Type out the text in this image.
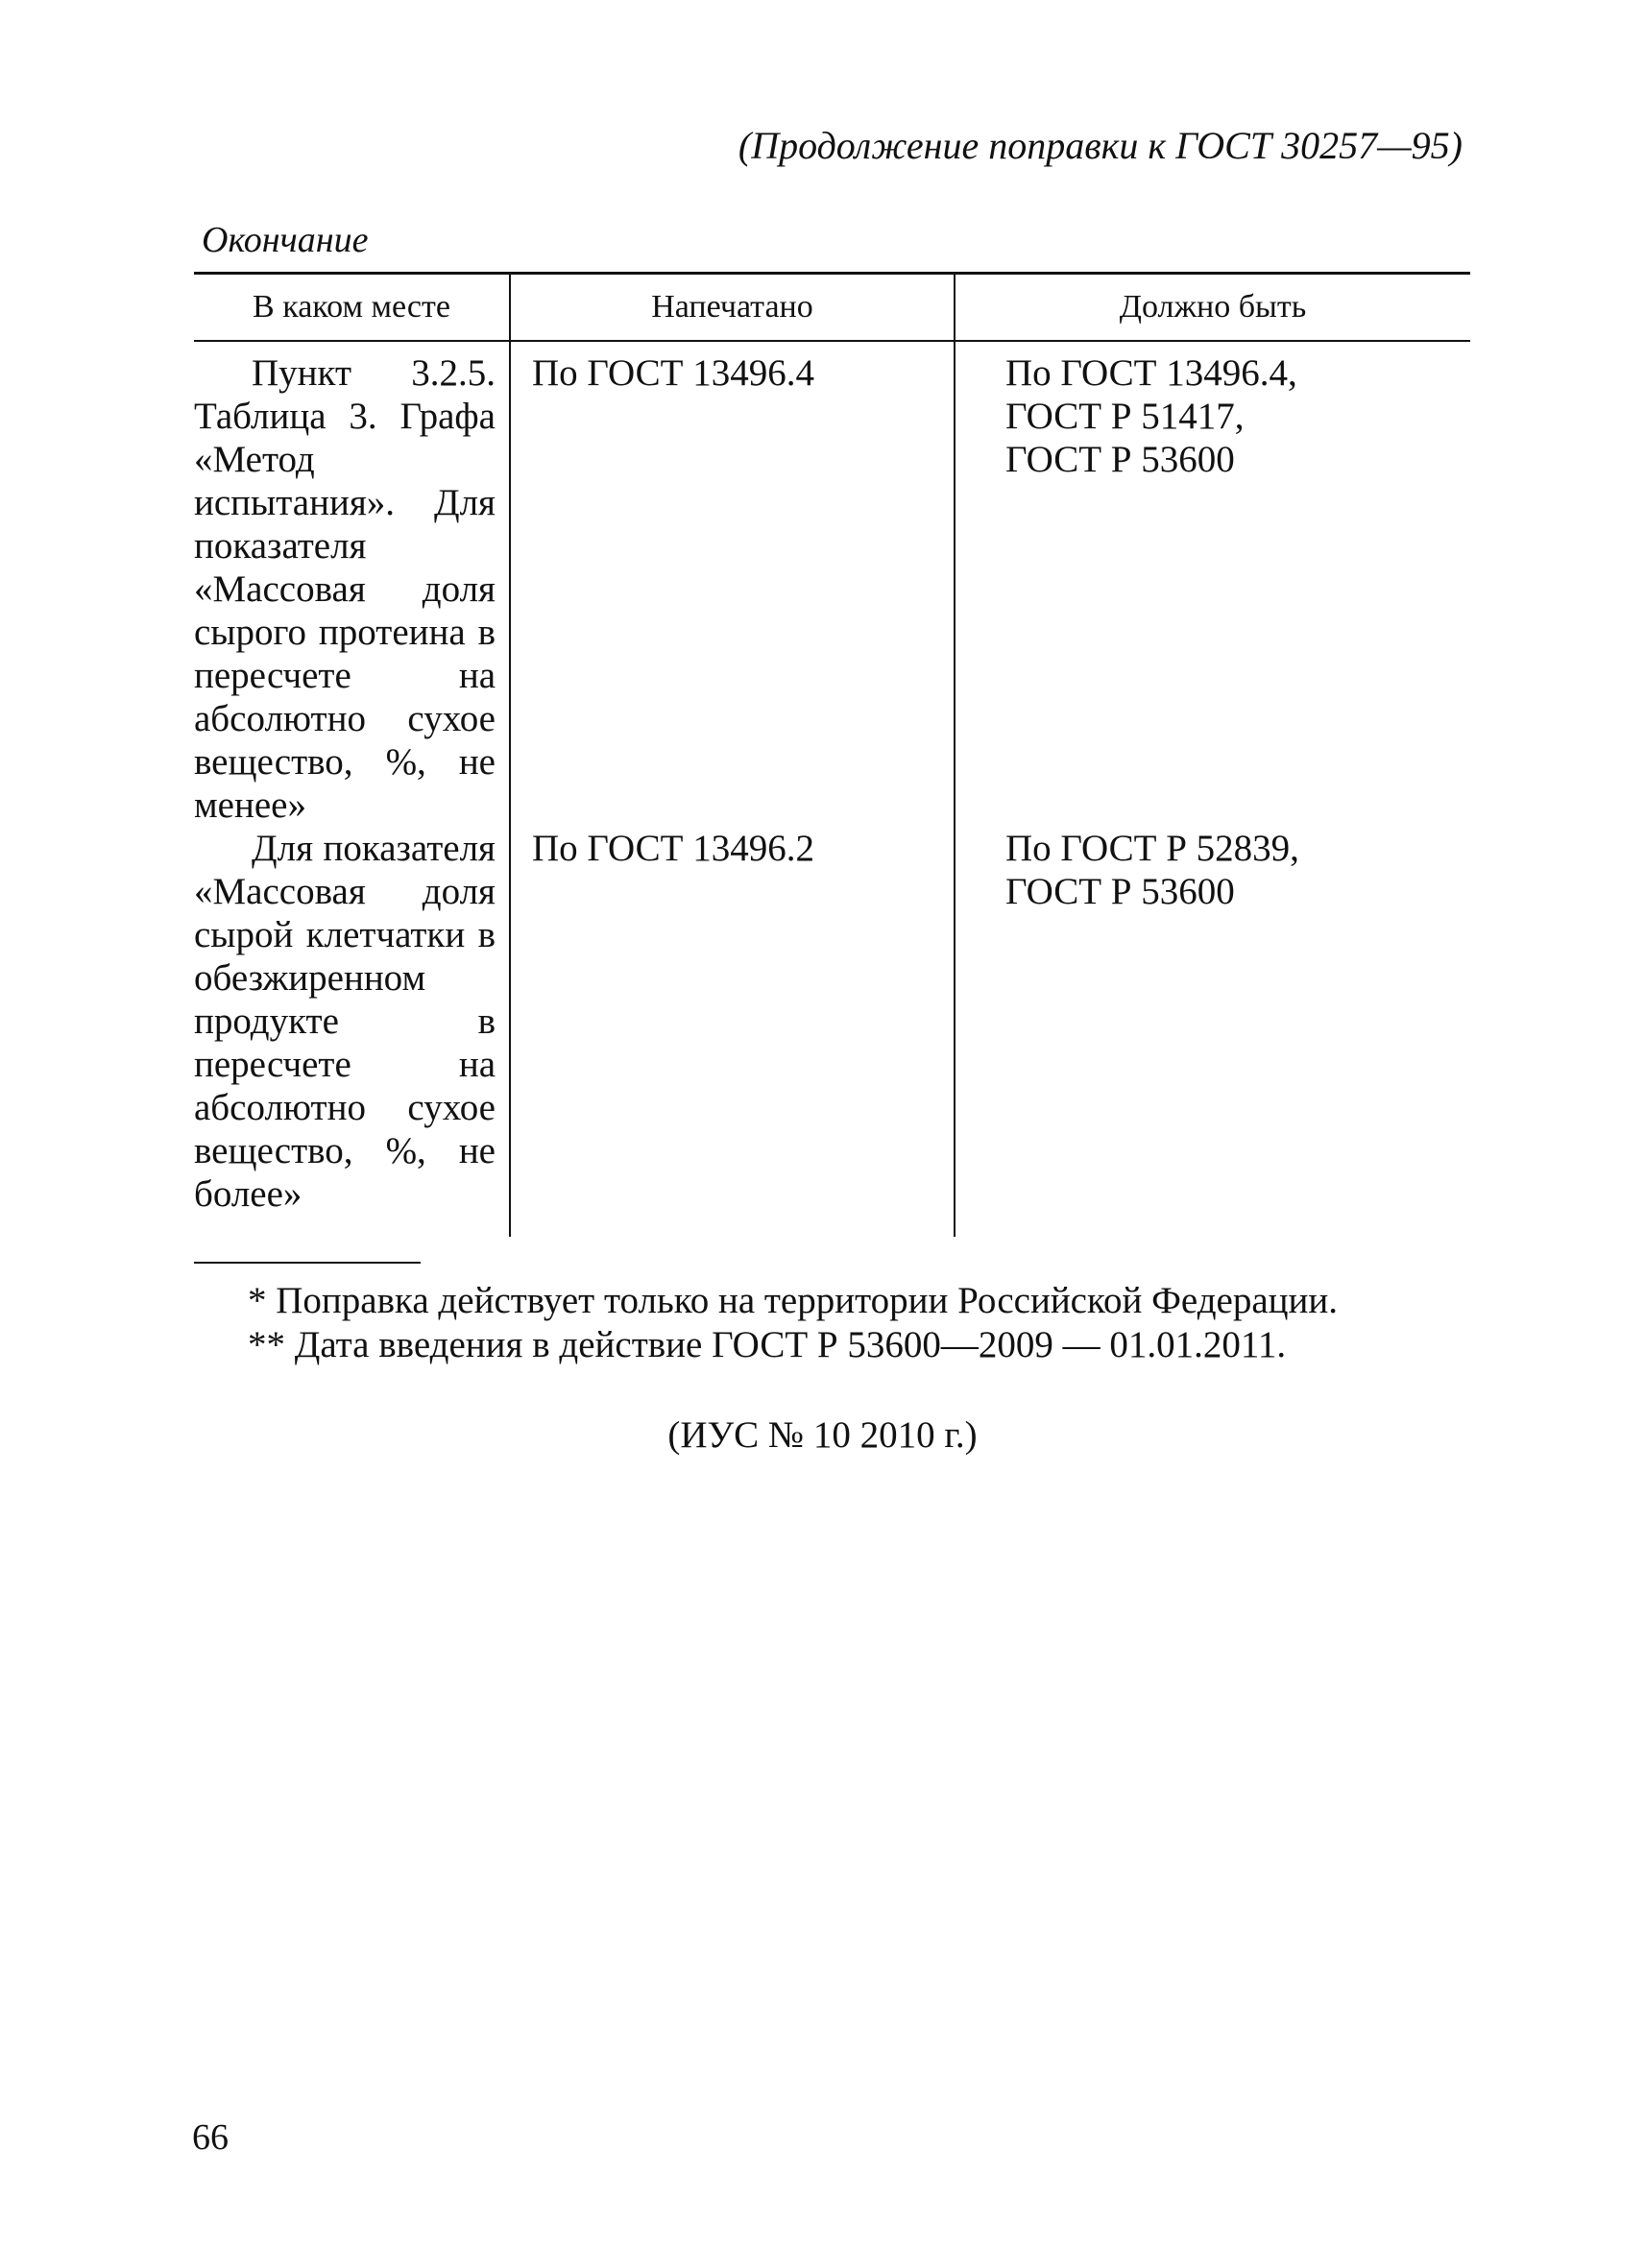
(Продолжение поправки к ГОСТ 30257—95)

Окончание
В каком месте	Напечатано	Должно быть
Пункт 3.2.5. Таблица 3. Графа «Метод испытания». Для показателя «Массовая доля сырого протеина в пересчете на абсолютно сухое вещество, %, не менее»	По ГОСТ 13496.4	По ГОСТ 13496.4,
ГОСТ Р 51417,
ГОСТ Р 53600
Для показателя «Массовая доля сырой клетчатки в обезжиренном продукте в пересчете на абсолютно сухое вещество, %, не более»	По ГОСТ 13496.2	По ГОСТ Р 52839,
ГОСТ Р 53600

* Поправка действует только на территории Российской Федерации.

** Дата введения в действие ГОСТ Р 53600—2009 — 01.01.2011.

(ИУС № 10 2010 г.)
66
